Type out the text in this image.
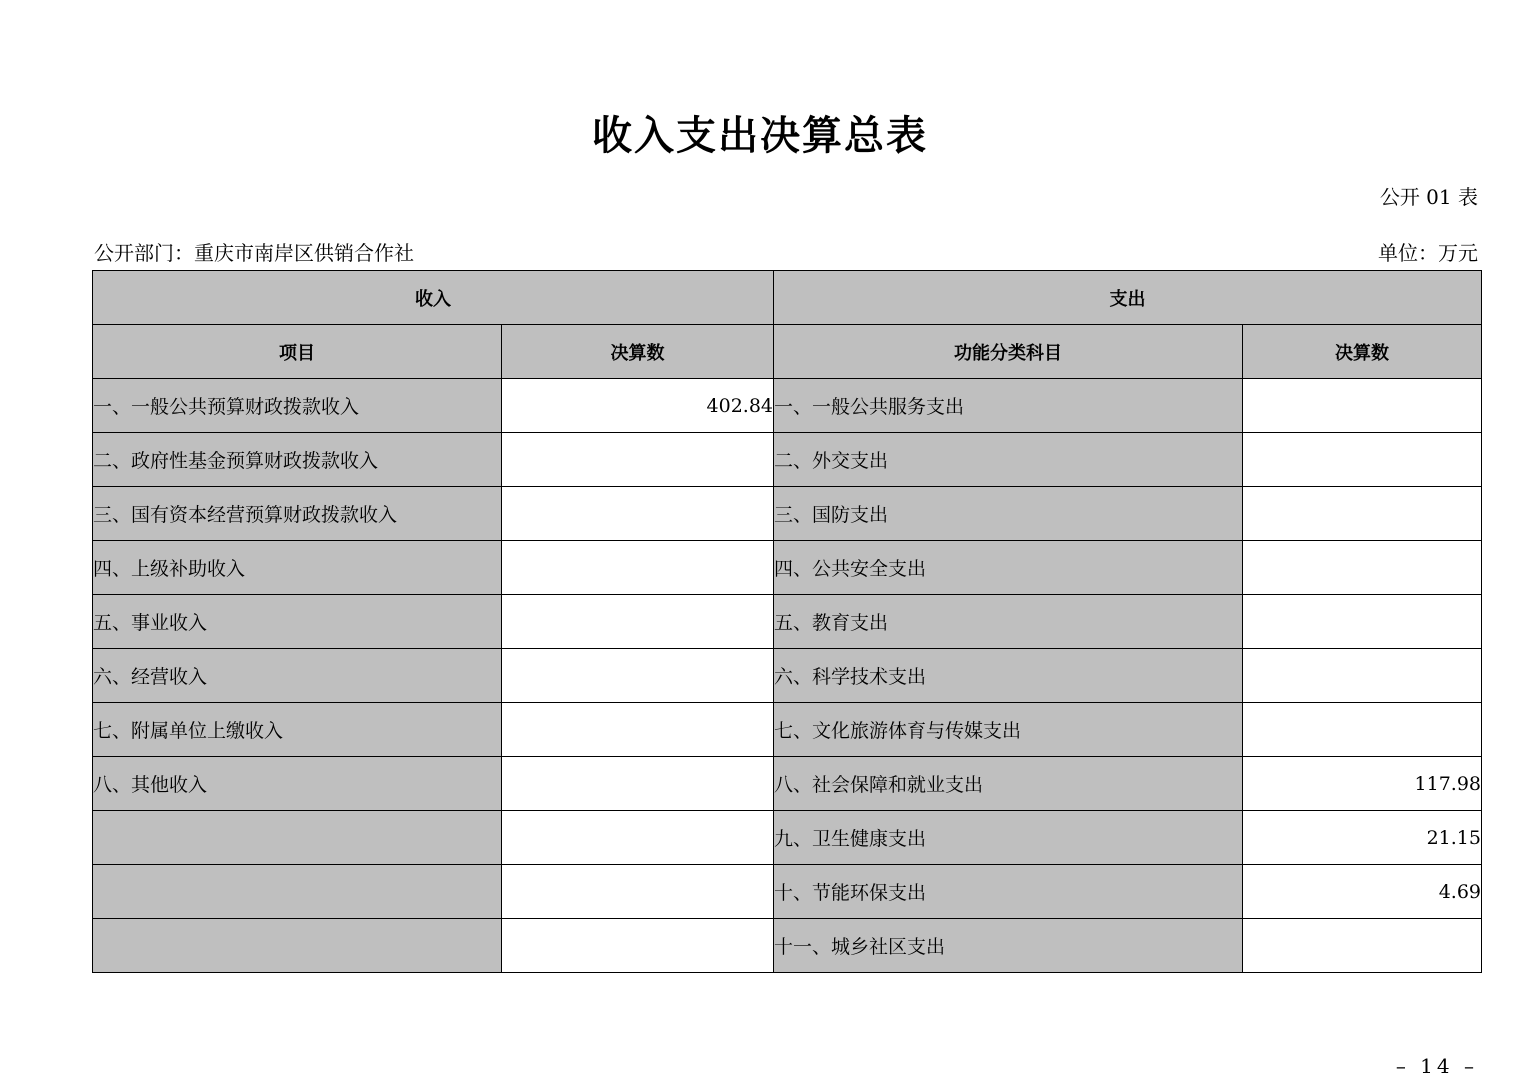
收入支出决算总表
公开 01 表
公开部门：重庆市南岸区供销合作社	单位：万元
收入		支出	
项目	决算数	功能分类科目	决算数
一、一般公共预算财政拨款收入	402.84	一、一般公共服务支出	
二、政府性基金预算财政拨款收入		二、外交支出	
三、国有资本经营预算财政拨款收入		三、国防支出	
四、上级补助收入		四、公共安全支出	
五、事业收入		五、教育支出	
六、经营收入		六、科学技术支出	
七、附属单位上缴收入		七、文化旅游体育与传媒支出	
八、其他收入		八、社会保障和就业支出	117.98
		九、卫生健康支出	21.15
		十、节能环保支出	4.69
		十一、城乡社区支出	
– 14 –
